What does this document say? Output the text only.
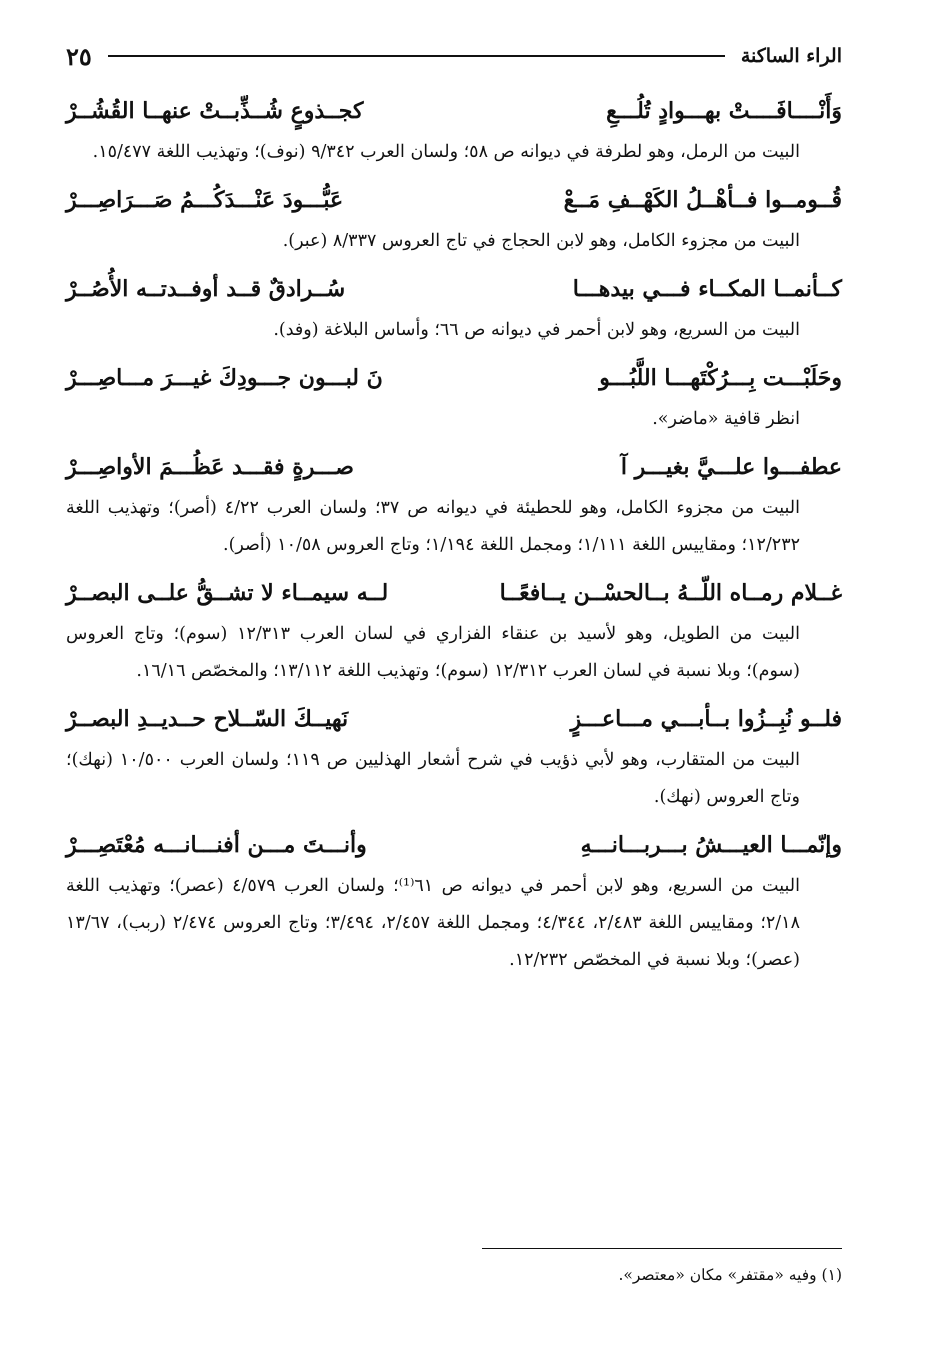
الراء الساكنة
٢٥
وَأَنْــــافَــــتْ بهـــوادٍ تُلُـــعِ
كجــذوعٍ شُــذِّبــتْ عنهــا القُشُــرْ
البيت من الرمل، وهو لطرفة في ديوانه ص ٥٨؛ ولسان العرب ٩/٣٤٢ (نوف)؛ وتهذيب اللغة ١٥/٤٧٧.
قُــومــوا فــأهْــلُ الكَهْــفِ مَــعْ
عَبُّـــودَ عَنْـــدَكُـــمُ صَـــرَاصِـــرْ
البيت من مجزوء الكامل، وهو لابن الحجاج في تاج العروس ٨/٣٣٧ (عبر).
كــأنمــا المكــاء فـــي بيدهـــا
سُــرادقٌ قــد أوفــدتــه الأُصُــرْ
البيت من السريع، وهو لابن أحمر في ديوانه ص ٦٦؛ وأساس البلاغة (وفد).
وحَلَبْـــت بِـــرُكْتَهـــا اللَّبُـــو
نَ لبـــون جـــودِكَ غيـــرَ مـــاصِـــرْ
انظر قافية «ماضر».
عطفـــوا علـــيَّ بغيـــر آ
صـــرةٍ فقـــد عَظُـــمَ الأواصِـــرْ
البيت من مجزوء الكامل، وهو للحطيئة في ديوانه ص ٣٧؛ ولسان العرب ٤/٢٢ (أصر)؛ وتهذيب اللغة ١٢/٢٣٢؛ ومقاييس اللغة ١/١١١؛ ومجمل اللغة ١/١٩٤؛ وتاج العروس ١٠/٥٨ (أصر).
غــلام رمــاه اللّــهُ بــالحسْــن يــافعًــا
لــه سيمــاء لا تشــقُّ علــى البصــرْ
البيت من الطويل، وهو لأسيد بن عنقاء الفزاري في لسان العرب ١٢/٣١٣ (سوم)؛ وتاج العروس (سوم)؛ وبلا نسبة في لسان العرب ١٢/٣١٢ (سوم)؛ وتهذيب اللغة ١٣/١١٢؛ والمخصّص ١٦/١٦.
فلــو نُبِــزُوا بــأبـــي مـــاعـــزٍ
نَهيــكَ السّــلاح حــديــدِ البصــرْ
البيت من المتقارب، وهو لأبي ذؤيب في شرح أشعار الهذليين ص ١١٩؛ ولسان العرب ١٠/٥٠٠ (نهك)؛ وتاج العروس (نهك).
وإنّمـــا العيـــشُ بـــربـــانـــهِ
وأنـــتَ مـــن أفنـــانـــه مُعْتَصِـــرْ
البيت من السريع، وهو لابن أحمر في ديوانه ص ٦١⁽¹⁾؛ ولسان العرب ٤/٥٧٩ (عصر)؛ وتهذيب اللغة ٢/١٨؛ ومقاييس اللغة ٢/٤٨٣، ٤/٣٤٤؛ ومجمل اللغة ٢/٤٥٧، ٣/٤٩٤؛ وتاج العروس ٢/٤٧٤ (ربب)، ١٣/٦٧ (عصر)؛ وبلا نسبة في المخصّص ١٢/٢٣٢.
(١) وفيه «مقتفر» مكان «معتصر».
